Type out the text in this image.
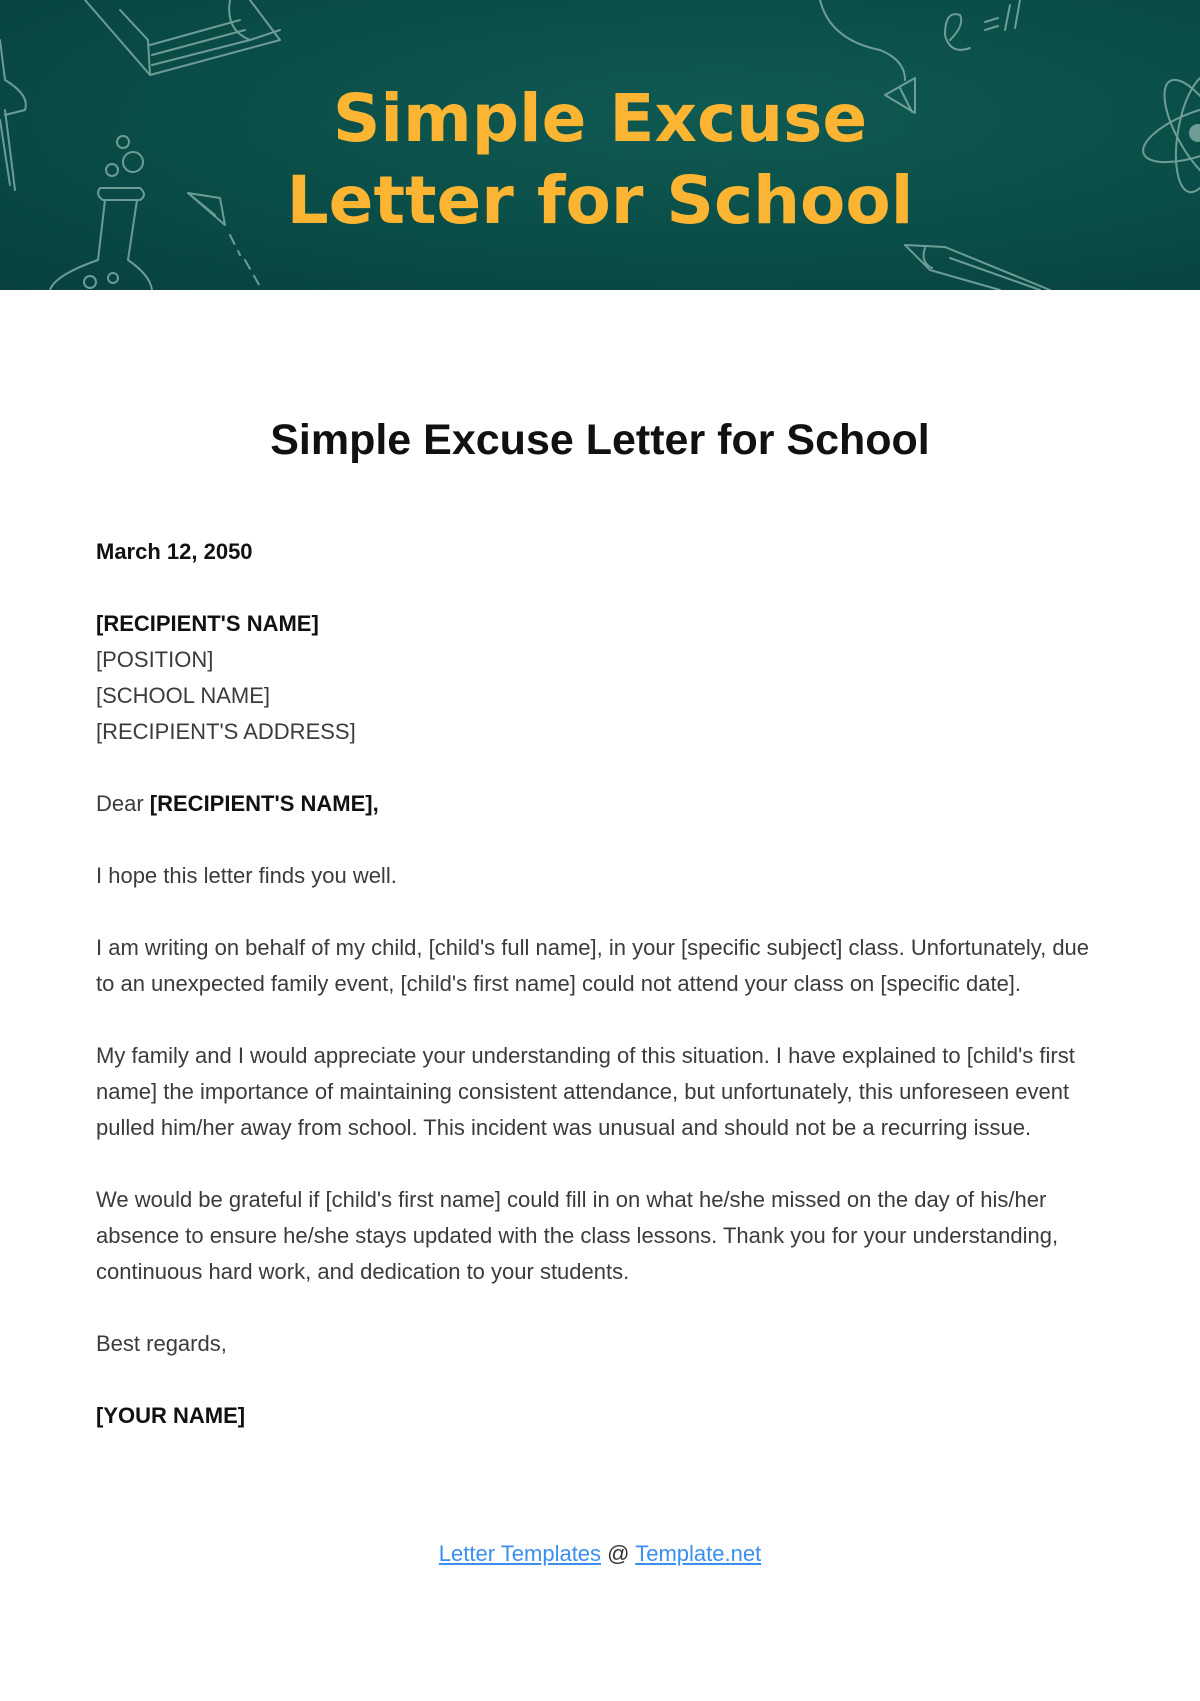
Simple Excuse
Letter for School
Simple Excuse Letter for School

March 12, 2050

[RECIPIENT'S NAME]
[POSITION]
[SCHOOL NAME]
[RECIPIENT'S ADDRESS]

Dear [RECIPIENT'S NAME],

I hope this letter finds you well.

I am writing on behalf of my child, [child's full name], in your [specific subject] class. Unfortunately, due to an unexpected family event, [child's first name] could not attend your class on [specific date].

My family and I would appreciate your understanding of this situation. I have explained to [child's first name] the importance of maintaining consistent attendance, but unfortunately, this unforeseen event pulled him/her away from school. This incident was unusual and should not be a recurring issue.

We would be grateful if [child's first name] could fill in on what he/she missed on the day of his/her absence to ensure he/she stays updated with the class lessons. Thank you for your understanding, continuous hard work, and dedication to your students.

Best regards,

[YOUR NAME]

Letter Templates @ Template.net
